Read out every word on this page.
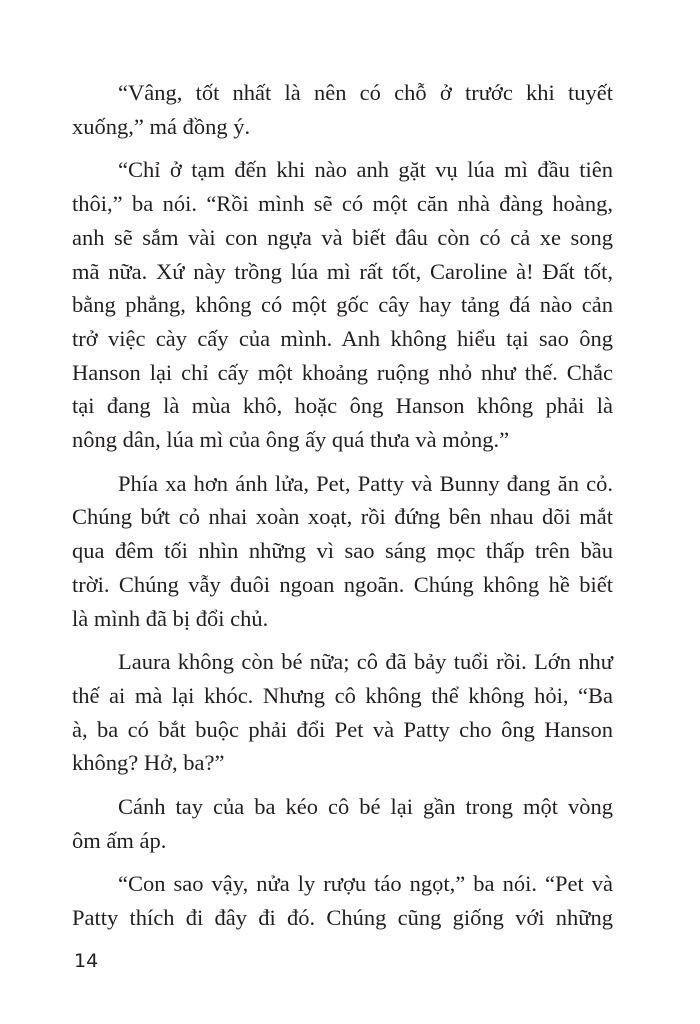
“Vâng, tốt nhất là nên có chỗ ở trước khi tuyết
xuống,” má đồng ý.
“Chỉ ở tạm đến khi nào anh gặt vụ lúa mì đầu tiên
thôi,” ba nói. “Rồi mình sẽ có một căn nhà đàng hoàng,
anh sẽ sắm vài con ngựa và biết đâu còn có cả xe song
mã nữa. Xứ này trồng lúa mì rất tốt, Caroline à! Đất tốt,
bằng phẳng, không có một gốc cây hay tảng đá nào cản
trở việc cày cấy của mình. Anh không hiểu tại sao ông
Hanson lại chỉ cấy một khoảng ruộng nhỏ như thế. Chắc
tại đang là mùa khô, hoặc ông Hanson không phải là
nông dân, lúa mì của ông ấy quá thưa và mỏng.”
Phía xa hơn ánh lửa, Pet, Patty và Bunny đang ăn cỏ.
Chúng bứt cỏ nhai xoàn xoạt, rồi đứng bên nhau dõi mắt
qua đêm tối nhìn những vì sao sáng mọc thấp trên bầu
trời. Chúng vẫy đuôi ngoan ngoãn. Chúng không hề biết
là mình đã bị đổi chủ.
Laura không còn bé nữa; cô đã bảy tuổi rồi. Lớn như
thế ai mà lại khóc. Nhưng cô không thể không hỏi, “Ba
à, ba có bắt buộc phải đổi Pet và Patty cho ông Hanson
không? Hở, ba?”
Cánh tay của ba kéo cô bé lại gần trong một vòng
ôm ấm áp.
“Con sao vậy, nửa ly rượu táo ngọt,” ba nói. “Pet và
Patty thích đi đây đi đó. Chúng cũng giống với những
14
